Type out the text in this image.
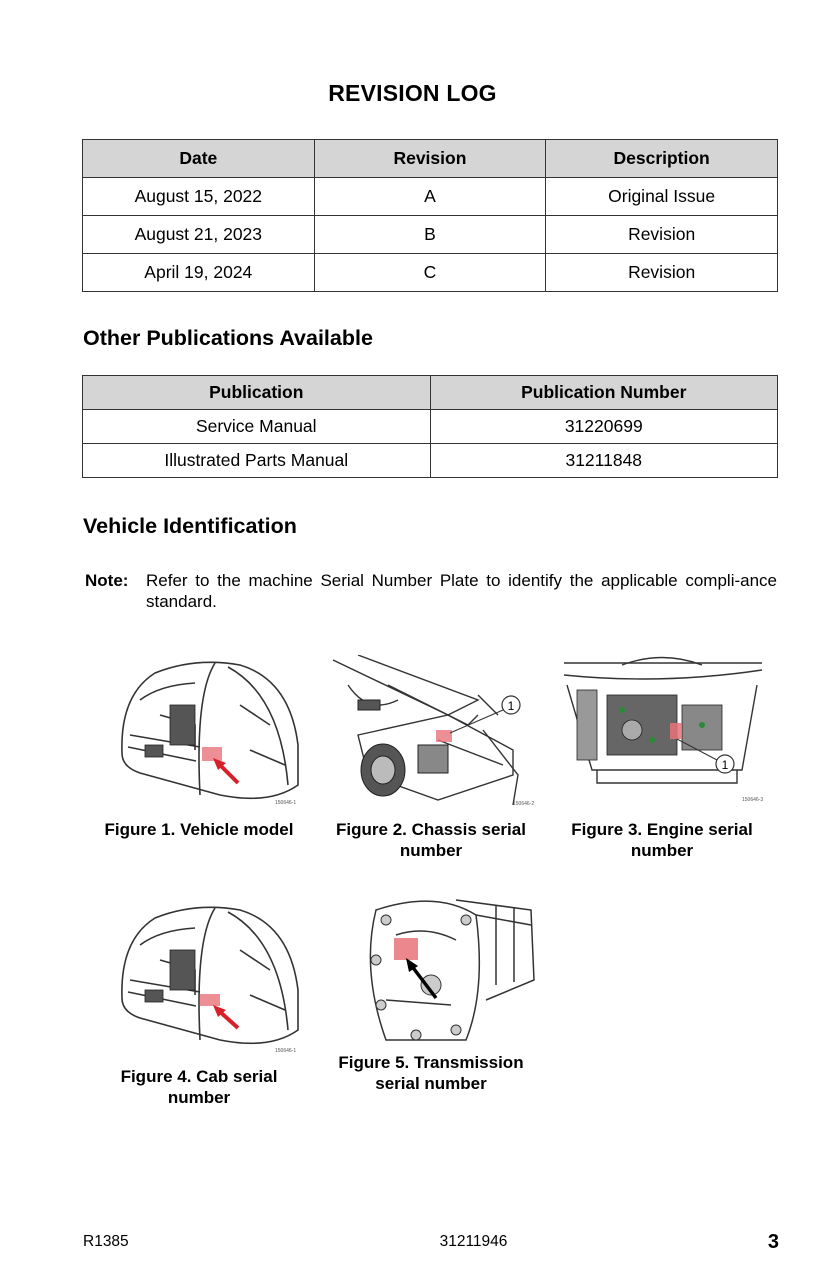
REVISION LOG
Date	Revision	Description
August 15, 2022	A	Original Issue
August 21, 2023	B	Revision
April 19, 2024	C	Revision
Other Publications Available
Publication	Publication Number
Service Manual	31220699
Illustrated Parts Manual	31211848
Vehicle Identification
Note: Refer to the machine Serial Number Plate to identify the applicable compli-ance standard.
150646-1
Figure 1. Vehicle model
1
150646-2
Figure 2. Chassis serial number
1
150646-3
Figure 3. Engine serial number
150646-1
Figure 4. Cab serial number
Figure 5. Transmission serial number
R1385	31211946	3
